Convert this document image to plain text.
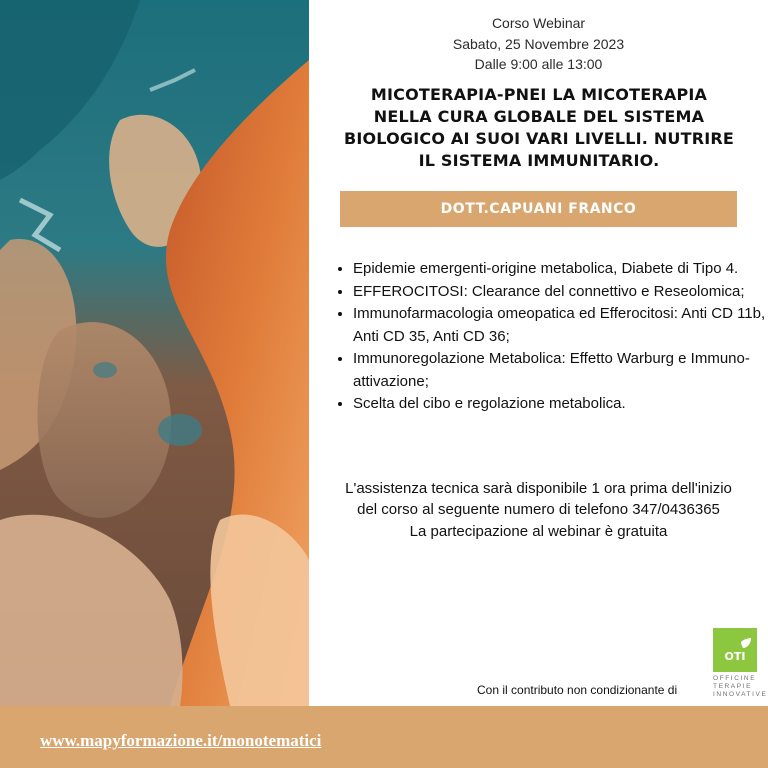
Corso Webinar
Sabato, 25 Novembre 2023
Dalle 9:00 alle 13:00
MICOTERAPIA-PNEI LA MICOTERAPIA
NELLA CURA GLOBALE DEL SISTEMA
BIOLOGICO AI SUOI VARI LIVELLI. NUTRIRE
IL SISTEMA IMMUNITARIO.
DOTT.CAPUANI FRANCO
• Epidemie emergenti-origine metabolica, Diabete di Tipo 4.
• EFFEROCITOSI: Clearance del connettivo e Reseolomica;
• Immunofarmacologia omeopatica ed Efferocitosi: Anti CD 11b, Anti CD 35, Anti CD 36;
• Immunoregolazione Metabolica: Effetto Warburg e Immuno-attivazione;
• Scelta del cibo e regolazione metabolica.
L'assistenza tecnica sarà disponibile 1 ora prima dell'inizio
del corso al seguente numero di telefono 347/0436365
La partecipazione al webinar è gratuita
Con il contributo non condizionante di
OTI
OFFICINE
TERAPIE
INNOVATIVE
www.mapyformazione.it/monotematici
